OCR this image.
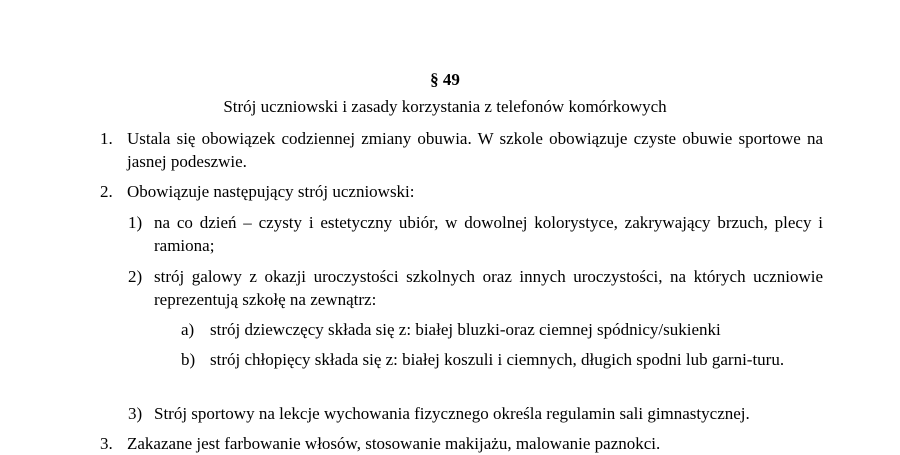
§ 49
Strój uczniowski i zasady korzystania z telefonów komórkowych
1. Ustala się obowiązek codziennej zmiany obuwia. W szkole obowiązuje czyste obuwie sportowe na jasnej podeszwie.
2. Obowiązuje następujący strój uczniowski:
1) na co dzień – czysty i estetyczny ubiór, w dowolnej kolorystyce, zakrywający brzuch, plecy i ramiona;
2) strój galowy z okazji uroczystości szkolnych oraz innych uroczystości, na których uczniowie reprezentują szkołę na zewnątrz:
a) strój dziewczęcy składa się z: białej bluzki-oraz ciemnej spódnicy/sukienki
b) strój chłopięcy składa się z: białej koszuli i ciemnych, długich spodni lub garni-turu.
3) Strój sportowy na lekcje wychowania fizycznego określa regulamin sali gimnastycznej.
3. Zakazane jest farbowanie włosów, stosowanie makijażu, malowanie paznokci.
